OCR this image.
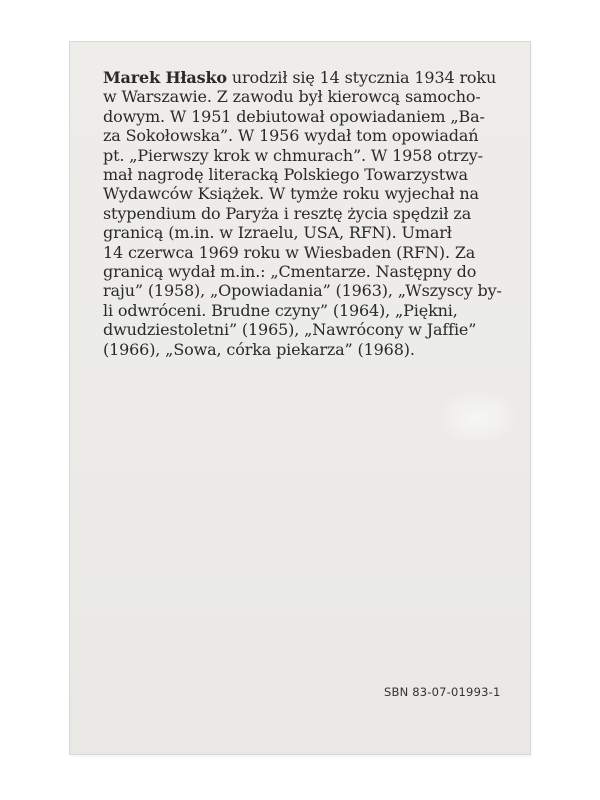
Marek Hłasko urodził się 14 stycznia 1934 roku
w Warszawie. Z zawodu był kierowcą samocho-
dowym. W 1951 debiutował opowiadaniem „Ba-
za Sokołowska”. W 1956 wydał tom opowiadań
pt. „Pierwszy krok w chmurach”. W 1958 otrzy-
mał nagrodę literacką Polskiego Towarzystwa
Wydawców Książek. W tymże roku wyjechał na
stypendium do Paryża i resztę życia spędził za
granicą (m.in. w Izraelu, USA, RFN). Umarł
14 czerwca 1969 roku w Wiesbaden (RFN). Za
granicą wydał m.in.: „Cmentarze. Następny do
raju” (1958), „Opowiadania” (1963), „Wszyscy by-
li odwróceni. Brudne czyny” (1964), „Piękni,
dwudziestoletni” (1965), „Nawrócony w Jaffie”
(1966), „Sowa, córka piekarza” (1968).
SBN 83-07-01993-1
